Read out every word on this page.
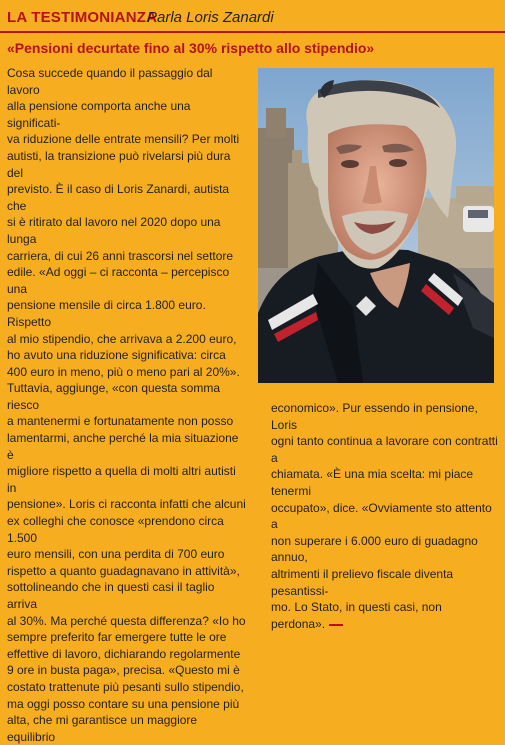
LA TESTIMONIANZA
Parla Loris Zanardi
«Pensioni decurtate fino al 30% rispetto allo stipendio»
Cosa succede quando il passaggio dal lavoro
alla pensione comporta anche una significati-
va riduzione delle entrate mensili? Per molti
autisti, la transizione può rivelarsi più dura del
previsto. È il caso di Loris Zanardi, autista che
si è ritirato dal lavoro nel 2020 dopo una lunga
carriera, di cui 26 anni trascorsi nel settore
edile. «Ad oggi – ci racconta – percepisco una
pensione mensile di circa 1.800 euro. Rispetto
al mio stipendio, che arrivava a 2.200 euro,
ho avuto una riduzione significativa: circa
400 euro in meno, più o meno pari al 20%».
Tuttavia, aggiunge, «con questa somma riesco
a mantenermi e fortunatamente non posso
lamentarmi, anche perché la mia situazione è
migliore rispetto a quella di molti altri autisti in
pensione». Loris ci racconta infatti che alcuni
ex colleghi che conosce «prendono circa 1.500
euro mensili, con una perdita di 700 euro
rispetto a quanto guadagnavano in attività»,
sottolineando che in questi casi il taglio arriva
al 30%. Ma perché questa differenza? «Io ho
sempre preferito far emergere tutte le ore
effettive di lavoro, dichiarando regolarmente
9 ore in busta paga», precisa. «Questo mi è
costato trattenute più pesanti sullo stipendio,
ma oggi posso contare su una pensione più
alta, che mi garantisce un maggiore equilibrio
economico». Pur essendo in pensione, Loris
ogni tanto continua a lavorare con contratti a
chiamata. «È una mia scelta: mi piace tenermi
occupato», dice. «Ovviamente sto attento a
non superare i 6.000 euro di guadagno annuo,
altrimenti il prelievo fiscale diventa pesantissi-
mo. Lo Stato, in questi casi, non perdona».
